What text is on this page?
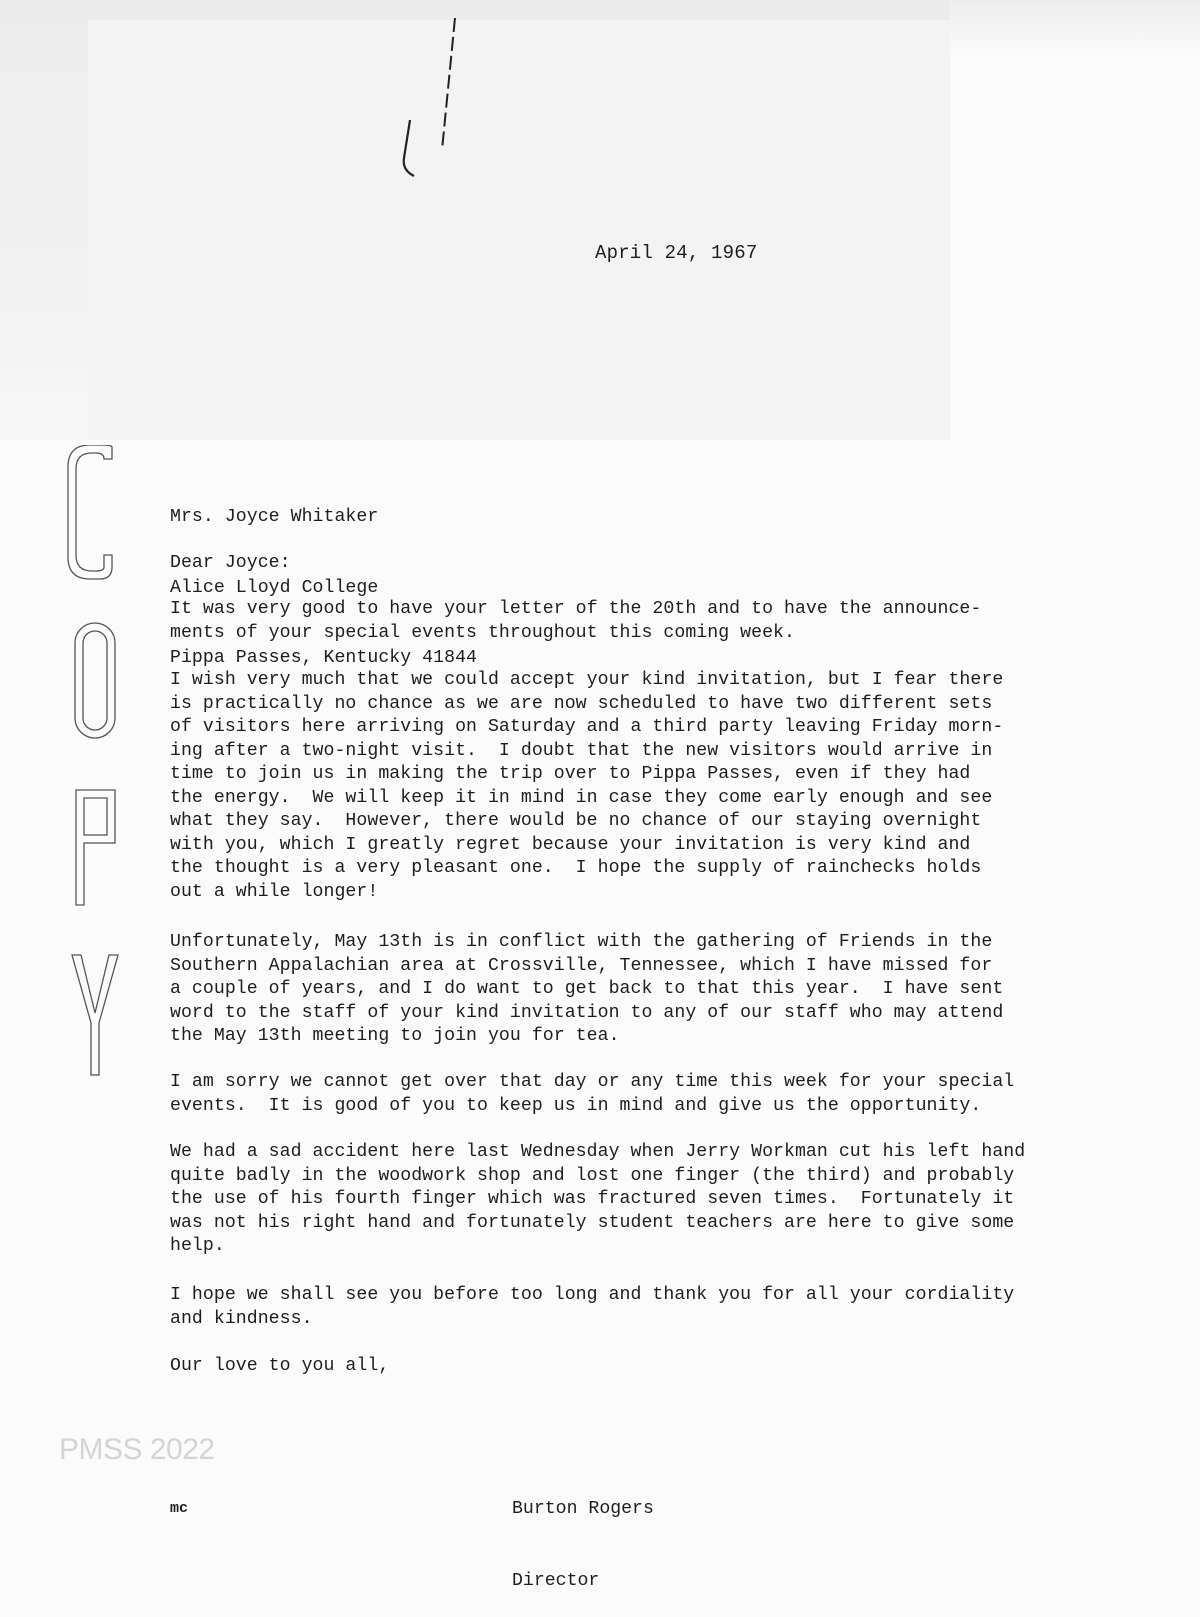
April 24, 1967

Mrs. Joyce Whitaker

Alice Lloyd College

Pippa Passes, Kentucky 41844

Dear Joyce:
It was very good to have your letter of the 20th and to have the announce-
ments of your special events throughout this coming week.
I wish very much that we could accept your kind invitation, but I fear there
is practically no chance as we are now scheduled to have two different sets
of visitors here arriving on Saturday and a third party leaving Friday morn-
ing after a two-night visit.  I doubt that the new visitors would arrive in
time to join us in making the trip over to Pippa Passes, even if they had
the energy.  We will keep it in mind in case they come early enough and see
what they say.  However, there would be no chance of our staying overnight
with you, which I greatly regret because your invitation is very kind and
the thought is a very pleasant one.  I hope the supply of rainchecks holds
out a while longer!
Unfortunately, May 13th is in conflict with the gathering of Friends in the
Southern Appalachian area at Crossville, Tennessee, which I have missed for
a couple of years, and I do want to get back to that this year.  I have sent
word to the staff of your kind invitation to any of our staff who may attend
the May 13th meeting to join you for tea.
I am sorry we cannot get over that day or any time this week for your special
events.  It is good of you to keep us in mind and give us the opportunity.
We had a sad accident here last Wednesday when Jerry Workman cut his left hand
quite badly in the woodwork shop and lost one finger (the third) and probably
the use of his fourth finger which was fractured seven times.  Fortunately it
was not his right hand and fortunately student teachers are here to give some
help.
I hope we shall see you before too long and thank you for all your cordiality
and kindness.
Our love to you all,
PMSS 2022

Burton Rogers

Director

mc
